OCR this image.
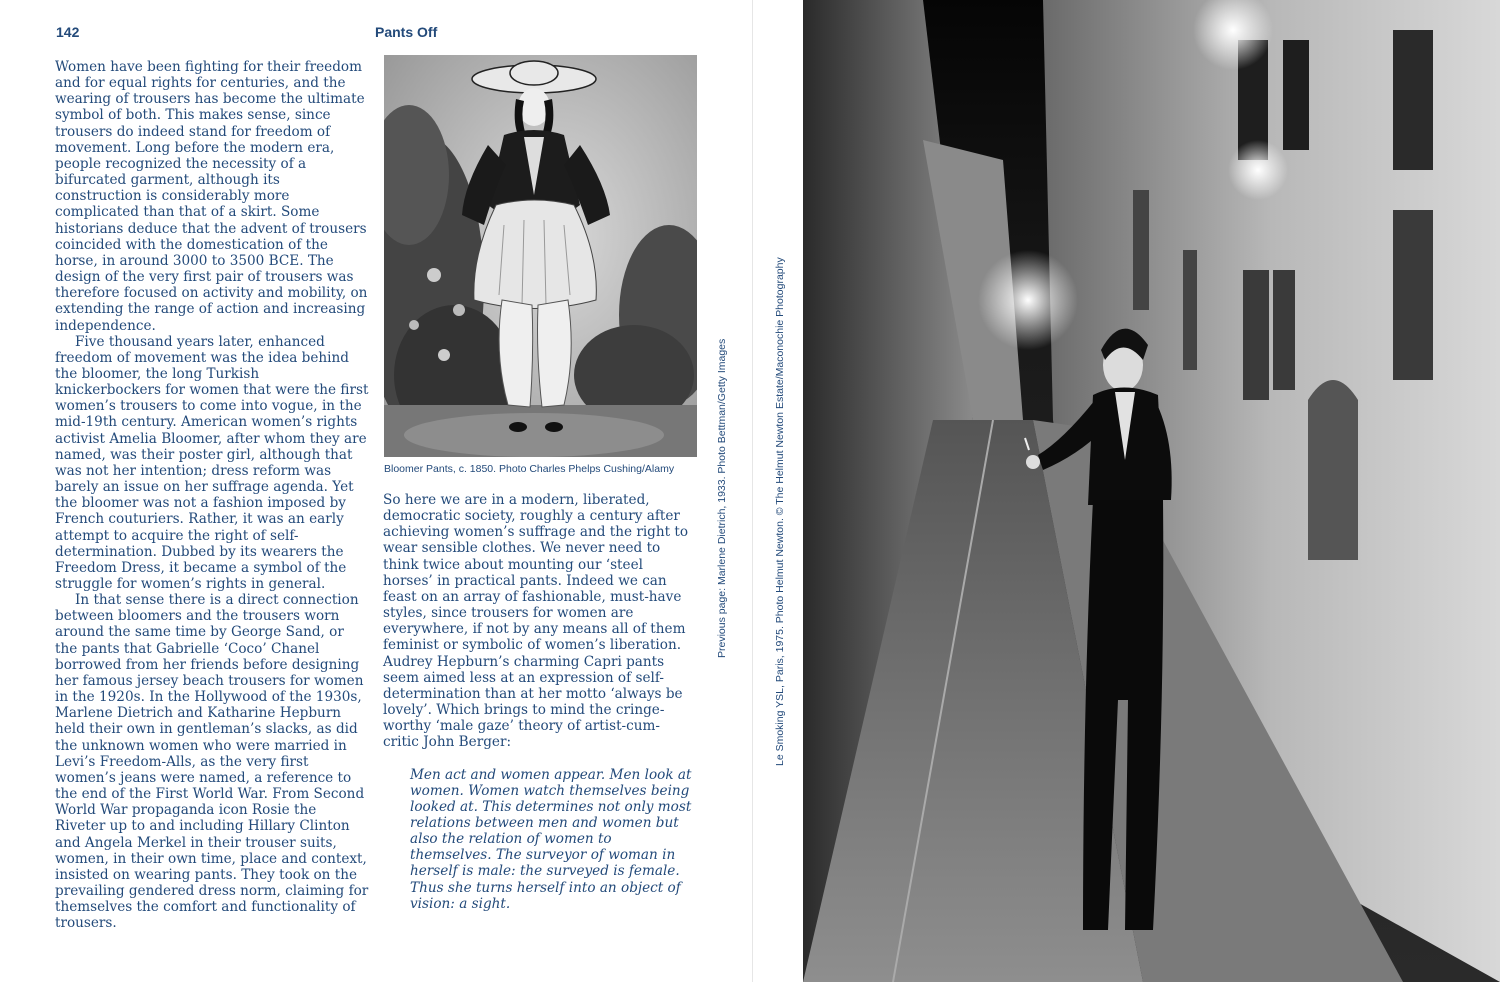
142	Pants Off

Women have been fighting for their freedom and for equal rights for centuries, and the wearing of trousers has become the ultimate symbol of both. This makes sense, since trousers do indeed stand for freedom of movement. Long before the modern era, people recognized the necessity of a bifurcated garment, although its construction is considerably more complicated than that of a skirt. Some historians deduce that the advent of trousers coincided with the domestication of the horse, in around 3000 to 3500 BCE. The design of the very first pair of trousers was therefore focused on activity and mobility, on extending the range of action and increasing independence.

Five thousand years later, enhanced freedom of movement was the idea behind the bloomer, the long Turkish knickerbockers for women that were the first women’s trousers to come into vogue, in the mid-19th century. American women’s rights activist Amelia Bloomer, after whom they are named, was their poster girl, although that was not her intention; dress reform was barely an issue on her suffrage agenda. Yet the bloomer was not a fashion imposed by French couturiers. Rather, it was an early attempt to acquire the right of self-determination. Dubbed by its wearers the Freedom Dress, it became a symbol of the struggle for women’s rights in general.

In that sense there is a direct connection between bloomers and the trousers worn around the same time by George Sand, or the pants that Gabrielle ‘Coco’ Chanel borrowed from her friends before designing her famous jersey beach trousers for women in the 1920s. In the Hollywood of the 1930s, Marlene Dietrich and Katharine Hepburn held their own in gentleman’s slacks, as did the unknown women who were married in Levi’s Freedom-Alls, as the very first women’s jeans were named, a reference to the end of the First World War. From Second World War propaganda icon Rosie the Riveter up to and including Hillary Clinton and Angela Merkel in their trouser suits, women, in their own time, place and context, insisted on wearing pants. They took on the prevailing gendered dress norm, claiming for themselves the comfort and functionality of trousers.

Bloomer Pants, c. 1850. Photo Charles Phelps Cushing/Alamy

So here we are in a modern, liberated, democratic society, roughly a century after achieving women’s suffrage and the right to wear sensible clothes. We never need to think twice about mounting our ‘steel horses’ in practical pants. Indeed we can feast on an array of fashionable, must-have styles, since trousers for women are everywhere, if not by any means all of them feminist or symbolic of women’s liberation. Audrey Hepburn’s charming Capri pants seem aimed less at an expression of self-determination than at her motto ‘always be lovely’. Which brings to mind the cringe-worthy ‘male gaze’ theory of artist-cum-critic John Berger:

Men act and women appear. Men look at women. Women watch themselves being looked at. This determines not only most relations between men and women but also the relation of women to themselves. The surveyor of woman in herself is male: the surveyed is female. Thus she turns herself into an object of vision: a sight.

Previous page: Marlene Dietrich, 1933. Photo Bettman/Getty Images	Le Smoking YSL, Paris, 1975. Photo Helmut Newton. © The Helmut Newton Estate/Maconochie Photography
